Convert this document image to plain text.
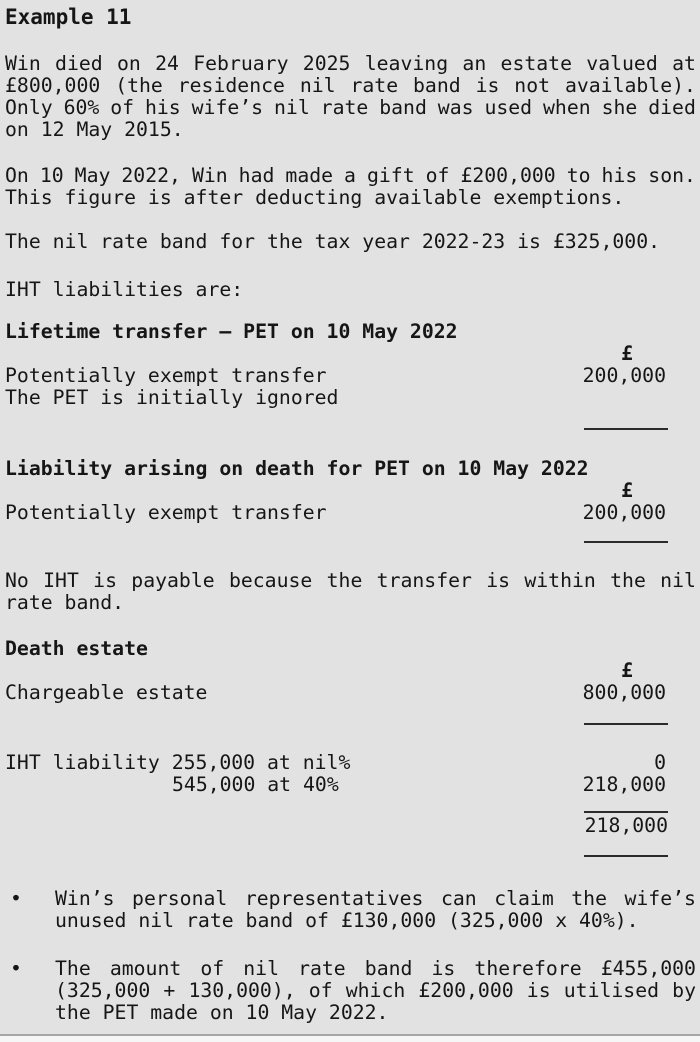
Example 11
Win died on 24 February 2025 leaving an estate valued at
£800,000 (the residence nil rate band is not available).
Only 60% of his wife’s nil rate band was used when she died
on 12 May 2015.
On 10 May 2022, Win had made a gift of £200,000 to his son.
This figure is after deducting available exemptions.
The nil rate band for the tax year 2022-23 is £325,000.
IHT liabilities are:
Lifetime transfer – PET on 10 May 2022
£
Potentially exempt transfer	200,000
The PET is initially ignored
Liability arising on death for PET on 10 May 2022
£
Potentially exempt transfer	200,000
No IHT is payable because the transfer is within the nil
rate band.
Death estate
£
Chargeable estate	800,000
IHT liability 255,000 at nil%	0
545,000 at 40%	218,000
218,000
•	Win’s personal representatives can claim the wife’s
unused nil rate band of £130,000 (325,000 x 40%).
•	The amount of nil rate band is therefore £455,000
(325,000 + 130,000), of which £200,000 is utilised by
the PET made on 10 May 2022.
